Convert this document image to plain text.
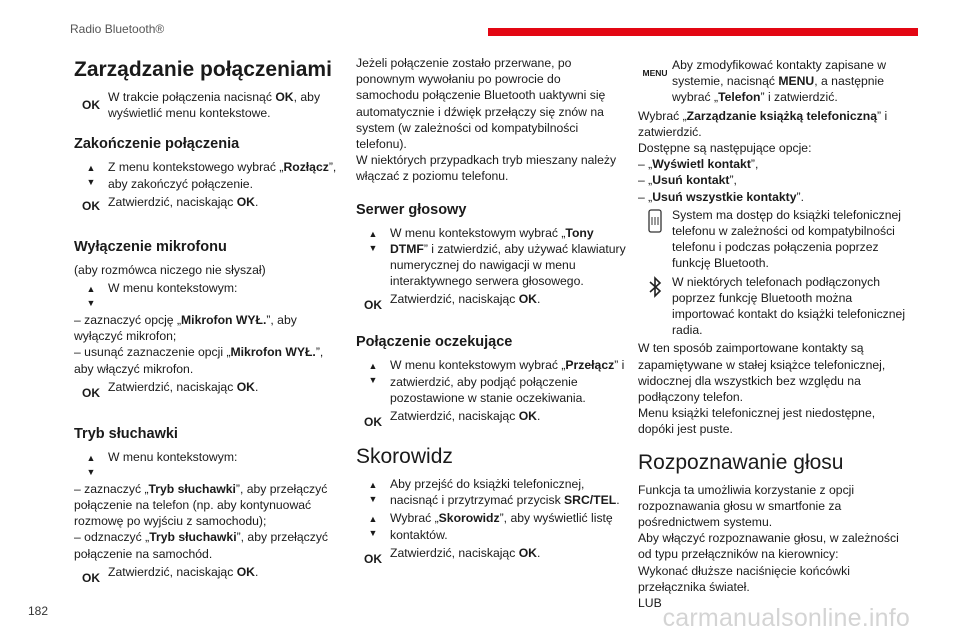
Radio Bluetooth®
Zarządzanie połączeniami
OK
W trakcie połączenia nacisnąć OK, aby wyświetlić menu kontekstowe.
Zakończenie połączenia
▲
▼
Z menu kontekstowego wybrać „Rozłącz”, aby zakończyć połączenie.
OK Zatwierdzić, naciskając OK.
Wyłączenie mikrofonu

(aby rozmówca niczego nie słyszał)

▲
▼
W menu kontekstowym:

– zaznaczyć opcję „Mikrofon WYŁ.”, aby wyłączyć mikrofon;

– usunąć zaznaczenie opcji „Mikrofon WYŁ.”, aby włączyć mikrofon.

OK Zatwierdzić, naciskając OK.
Tryb słuchawki
▲
▼
W menu kontekstowym:

– zaznaczyć „Tryb słuchawki”, aby przełączyć połączenie na telefon (np. aby kontynuować rozmowę po wyjściu z samochodu);

– odznaczyć „Tryb słuchawki”, aby przełączyć połączenie na samochód.

OK Zatwierdzić, naciskając OK.

Jeżeli połączenie zostało przerwane, po ponownym wywołaniu po powrocie do samochodu połączenie Bluetooth uaktywni się automatycznie i dźwięk przełączy się znów na system (w zależności od kompatybilności telefonu).

W niektórych przypadkach tryb mieszany należy włączać z poziomu telefonu.

Serwer głosowy
▲
▼
W menu kontekstowym wybrać „Tony DTMF” i zatwierdzić, aby używać klawiatury numerycznej do nawigacji w menu interaktywnego serwera głosowego.
OK Zatwierdzić, naciskając OK.
Połączenie oczekujące
▲
▼
W menu kontekstowym wybrać „Przełącz” i zatwierdzić, aby podjąć połączenie pozostawione w stanie oczekiwania.
OK Zatwierdzić, naciskając OK.
Skorowidz
▲
▼
Aby przejść do książki telefonicznej, nacisnąć i przytrzymać przycisk SRC/TEL.
▲
▼
Wybrać „Skorowidz”, aby wyświetlić listę kontaktów.
OK Zatwierdzić, naciskając OK.
MENU
Aby zmodyfikować kontakty zapisane w systemie, nacisnąć MENU, a następnie wybrać „Telefon” i zatwierdzić.

Wybrać „Zarządzanie książką telefoniczną” i zatwierdzić.

Dostępne są następujące opcje:

– „Wyświetl kontakt”,

– „Usuń kontakt”,

– „Usuń wszystkie kontakty”.

System ma dostęp do książki telefonicznej telefonu w zależności od kompatybilności telefonu i podczas połączenia poprzez funkcję Bluetooth.
W niektórych telefonach podłączonych poprzez funkcję Bluetooth można importować kontakt do książki telefonicznej radia.

W ten sposób zaimportowane kontakty są zapamiętywane w stałej książce telefonicznej, widocznej dla wszystkich bez względu na podłączony telefon.

Menu książki telefonicznej jest niedostępne, dopóki jest puste.

Rozpoznawanie głosu

Funkcja ta umożliwia korzystanie z opcji rozpoznawania głosu w smartfonie za pośrednictwem systemu.

Aby włączyć rozpoznawanie głosu, w zależności od typu przełączników na kierownicy:

Wykonać dłuższe naciśnięcie końcówki przełącznika świateł.

LUB

182	carmanualsonline.info
